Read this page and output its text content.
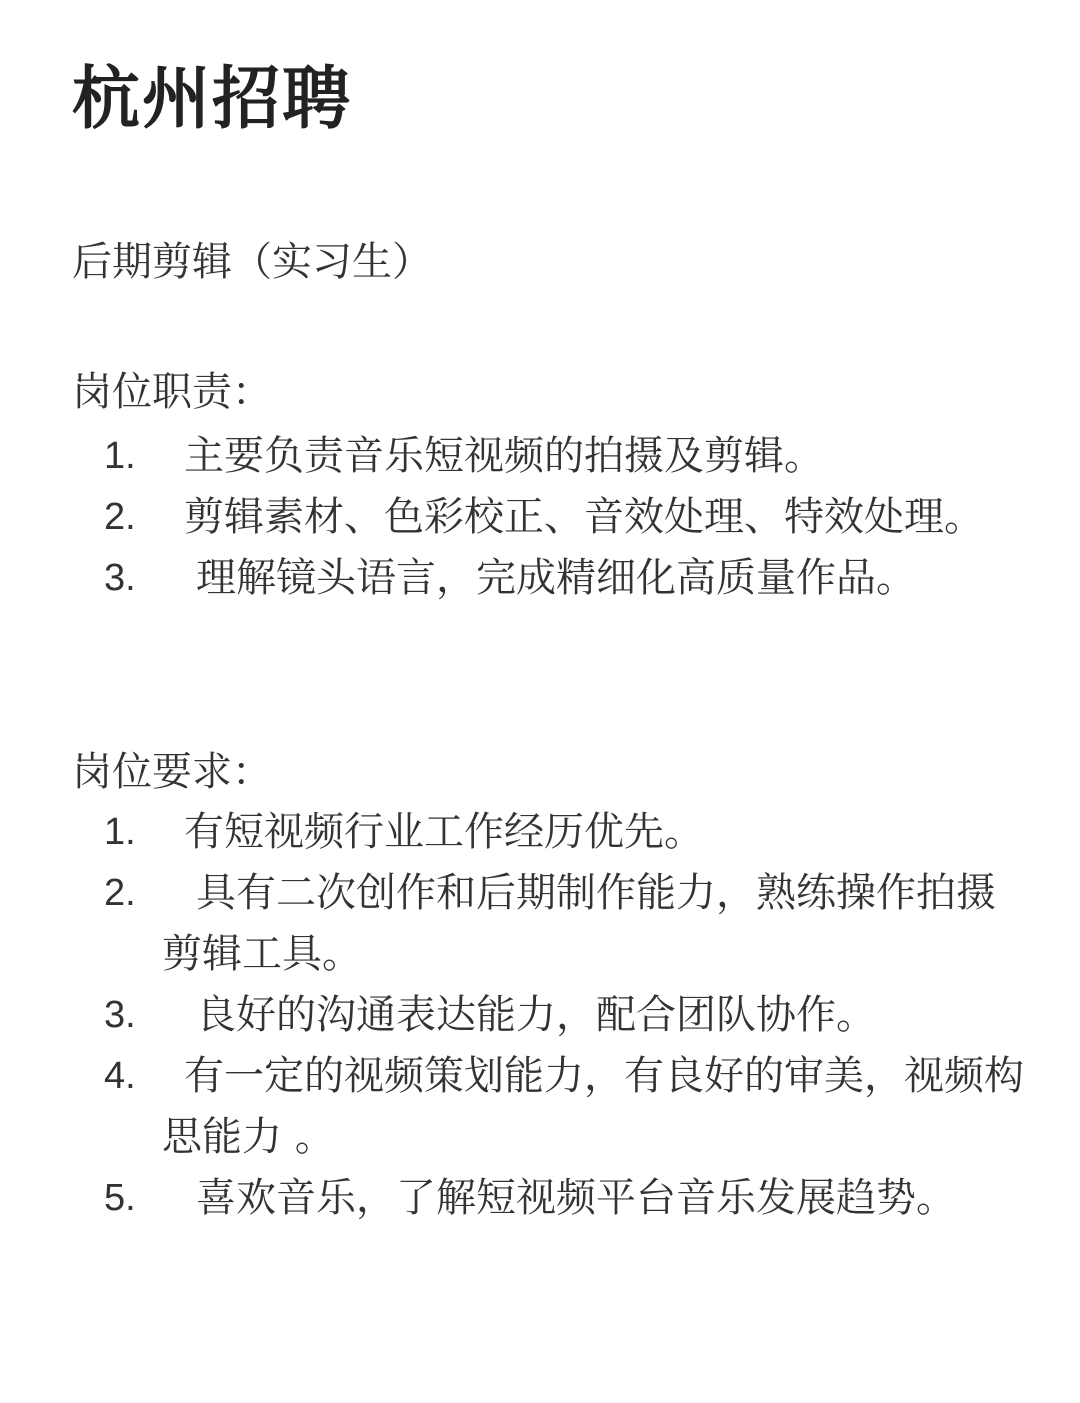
杭州招聘
后期剪辑（实习生）
岗位职责：
1. 主要负责音乐短视频的拍摄及剪辑。
2. 剪辑素材、色彩校正、音效处理、特效处理。
3. 理解镜头语言，完成精细化高质量作品。
岗位要求：
1. 有短视频行业工作经历优先。
2. 具有二次创作和后期制作能力，熟练操作拍摄剪辑工具。
3. 良好的沟通表达能力，配合团队协作。
4. 有一定的视频策划能力，有良好的审美，视频构思能力 。
5. 喜欢音乐，了解短视频平台音乐发展趋势。
